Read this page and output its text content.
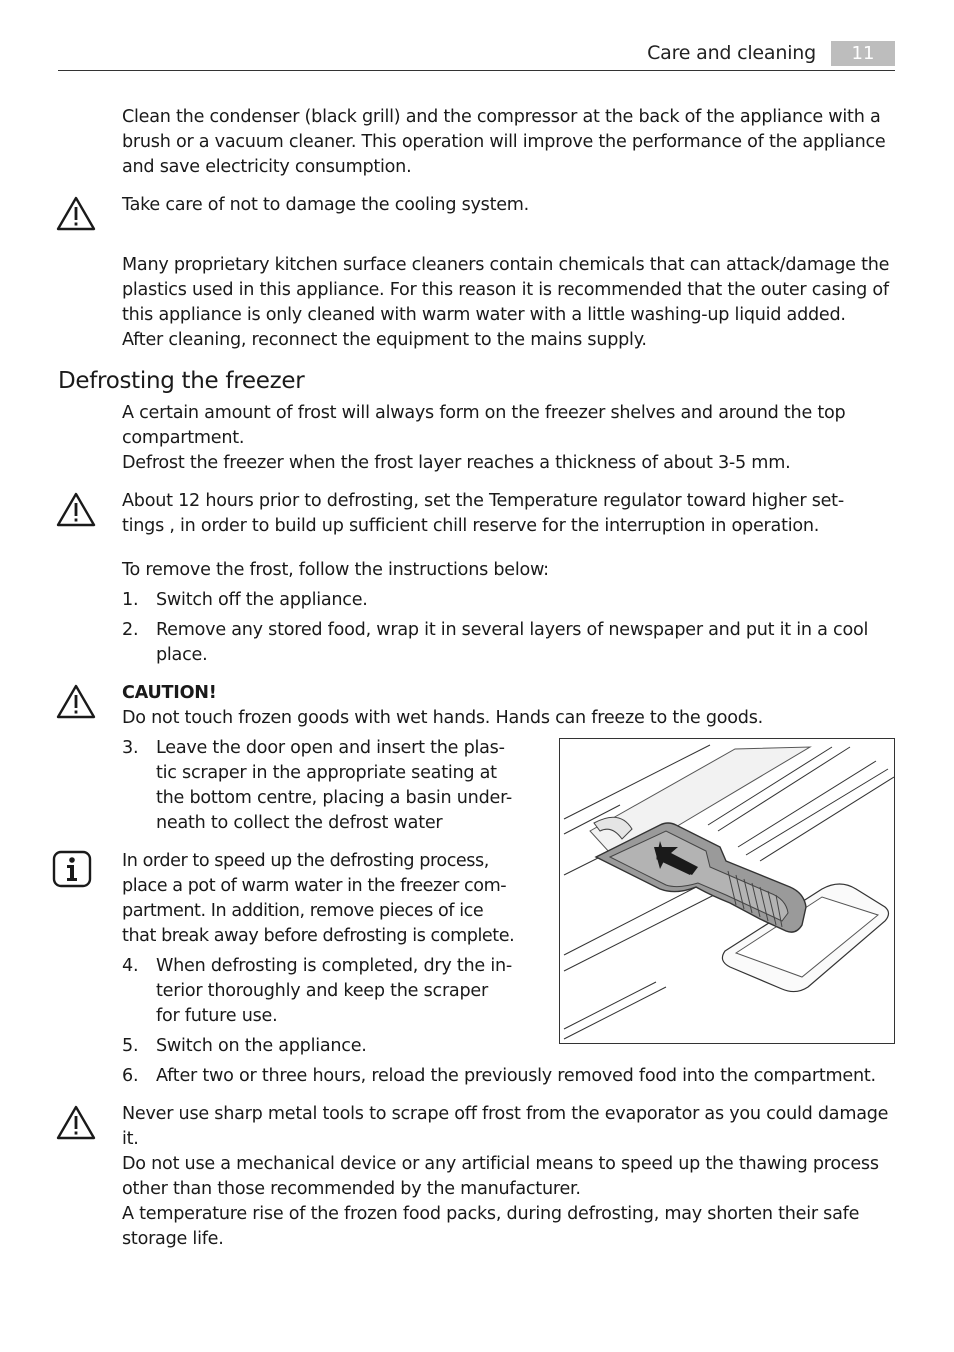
Care and cleaning	11

Clean the condenser (black grill) and the compressor at the back of the appliance with a

brush or a vacuum cleaner. This operation will improve the performance of the appliance

and save electricity consumption.

Take care of not to damage the cooling system.

Many proprietary kitchen surface cleaners contain chemicals that can attack/damage the

plastics used in this appliance. For this reason it is recommended that the outer casing of

this appliance is only cleaned with warm water with a little washing-up liquid added.

After cleaning, reconnect the equipment to the mains supply.

Defrosting the freezer

A certain amount of frost will always form on the freezer shelves and around the top

compartment.

Defrost the freezer when the frost layer reaches a thickness of about 3-5 mm.

About 12 hours prior to defrosting, set the Temperature regulator toward higher set-

tings , in order to build up sufficient chill reserve for the interruption in operation.

To remove the frost, follow the instructions below:
1.	Switch off the appliance.
2.	Remove any stored food, wrap it in several layers of newspaper and put it in a cool
place.

CAUTION!

Do not touch frozen goods with wet hands. Hands can freeze to the goods.

3.	Leave the door open and insert the plas-
tic scraper in the appropriate seating at
the bottom centre, placing a basin under-
neath to collect the defrost water

In order to speed up the defrosting process,

place a pot of warm water in the freezer com-

partment. In addition, remove pieces of ice

that break away before defrosting is complete.

4.	When defrosting is completed, dry the in-
terior thoroughly and keep the scraper
for future use.
5.	Switch on the appliance.
6.	After two or three hours, reload the previously removed food into the compartment.

Never use sharp metal tools to scrape off frost from the evaporator as you could damage

it.

Do not use a mechanical device or any artificial means to speed up the thawing process

other than those recommended by the manufacturer.

A temperature rise of the frozen food packs, during defrosting, may shorten their safe

storage life.
